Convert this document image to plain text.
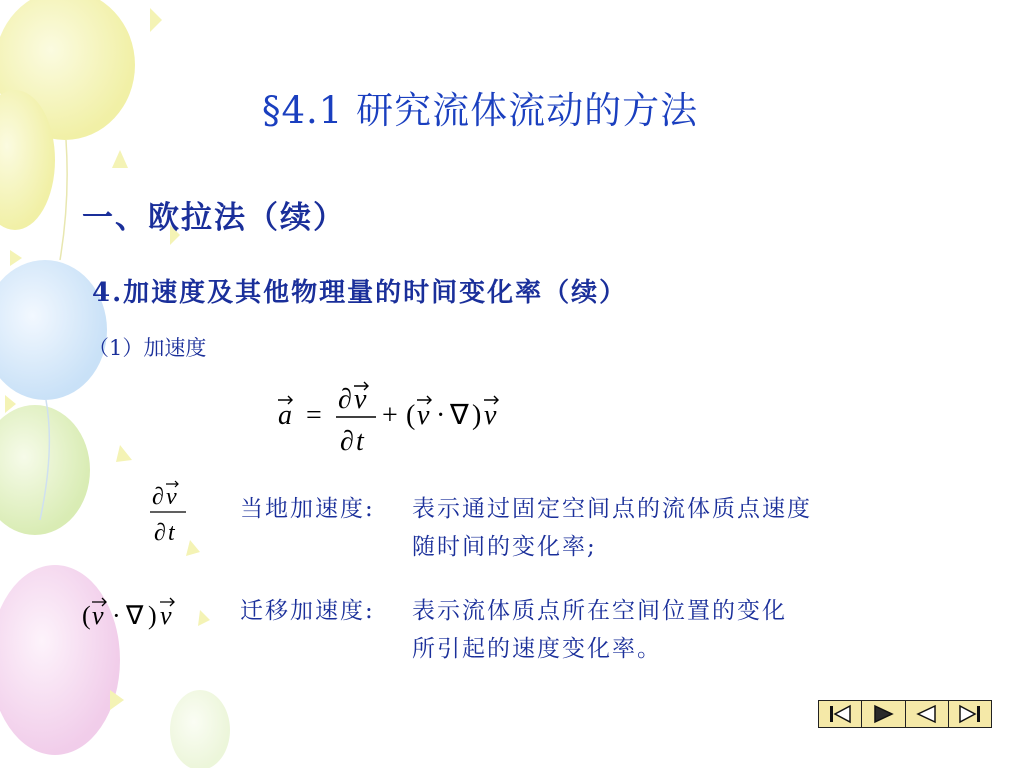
§4.1 研究流体流动的方法
一、欧拉法（续）
4.加速度及其他物理量的时间变化率（续）
（1）加速度
a =
∂ v
∂ t
+ ( v · ∇ ) v
∂ v
∂ t
( v · ∇ ) v
当地加速度: 表示通过固定空间点的流体质点速度
随时间的变化率;
迁移加速度: 表示流体质点所在空间位置的变化
所引起的速度变化率。
